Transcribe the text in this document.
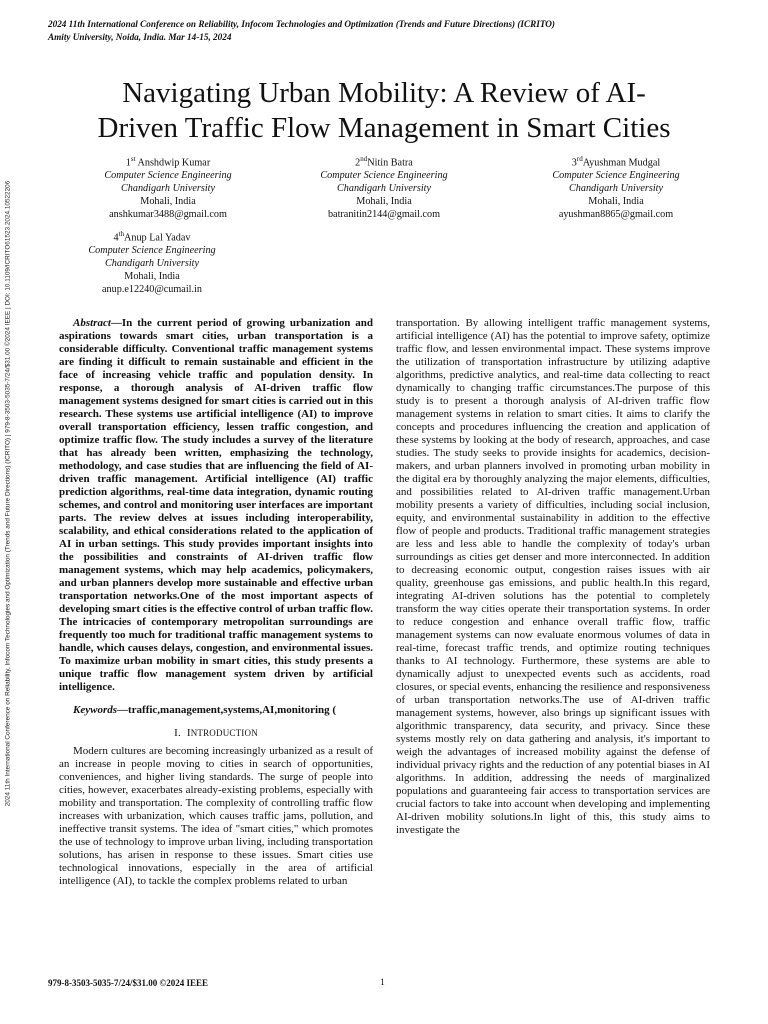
2024 11th International Conference on Reliability, Infocom Technologies and Optimization (Trends and Future Directions) (ICRITO)
Amity University, Noida, India. Mar 14-15, 2024
2024 11th International Conference on Reliability, Infocom Technologies and Optimization (Trends and Future Directions) (ICRITO) | 979-8-3503-5035-7/24/$31.00 ©2024 IEEE | DOI: 10.1109/ICRITO61523.2024.10522206
Navigating Urban Mobility: A Review of AI-
Driven Traffic Flow Management in Smart Cities
1st Anshdwip Kumar
Computer Science Engineering
Chandigarh University
Mohali, India
anshkumar3488@gmail.com
2ndNitin Batra
Computer Science Engineering
Chandigarh University
Mohali, India
batranitin2144@gmail.com
3rdAyushman Mudgal
Computer Science Engineering
Chandigarh University
Mohali, India
ayushman8865@gmail.com
4thAnup Lal Yadav
Computer Science Engineering
Chandigarh University
Mohali, India
anup.e12240@cumail.in

Abstract—In the current period of growing urbanization and aspirations towards smart cities, urban transportation is a considerable difficulty. Conventional traffic management systems are finding it difficult to remain sustainable and efficient in the face of increasing vehicle traffic and population density. In response, a thorough analysis of AI-driven traffic flow management systems designed for smart cities is carried out in this research. These systems use artificial intelligence (AI) to improve overall transportation efficiency, lessen traffic congestion, and optimize traffic flow. The study includes a survey of the literature that has already been written, emphasizing the technology, methodology, and case studies that are influencing the field of AI-driven traffic management. Artificial intelligence (AI) traffic prediction algorithms, real-time data integration, dynamic routing schemes, and control and monitoring user interfaces are important parts. The review delves at issues including interoperability, scalability, and ethical considerations related to the application of AI in urban settings. This study provides important insights into the possibilities and constraints of AI-driven traffic flow management systems, which may help academics, policymakers, and urban planners develop more sustainable and effective urban transportation networks.One of the most important aspects of developing smart cities is the effective control of urban traffic flow. The intricacies of contemporary metropolitan surroundings are frequently too much for traditional traffic management systems to handle, which causes delays, congestion, and environmental issues. To maximize urban mobility in smart cities, this study presents a unique traffic flow management system driven by artificial intelligence.

Keywords—traffic,management,systems,AI,monitoring (

I. INTRODUCTION

Modern cultures are becoming increasingly urbanized as a result of an increase in people moving to cities in search of opportunities, conveniences, and higher living standards. The surge of people into cities, however, exacerbates already-existing problems, especially with mobility and transportation. The complexity of controlling traffic flow increases with urbanization, which causes traffic jams, pollution, and ineffective transit systems. The idea of "smart cities," which promotes the use of technology to improve urban living, including transportation solutions, has arisen in response to these issues. Smart cities use technological innovations, especially in the area of artificial intelligence (AI), to tackle the complex problems related to urban

transportation. By allowing intelligent traffic management systems, artificial intelligence (AI) has the potential to improve safety, optimize traffic flow, and lessen environmental impact. These systems improve the utilization of transportation infrastructure by utilizing adaptive algorithms, predictive analytics, and real-time data collecting to react dynamically to changing traffic circumstances.The purpose of this study is to present a thorough analysis of AI-driven traffic flow management systems in relation to smart cities. It aims to clarify the concepts and procedures influencing the creation and application of these systems by looking at the body of research, approaches, and case studies. The study seeks to provide insights for academics, decision-makers, and urban planners involved in promoting urban mobility in the digital era by thoroughly analyzing the major elements, difficulties, and possibilities related to AI-driven traffic management.Urban mobility presents a variety of difficulties, including social inclusion, equity, and environmental sustainability in addition to the effective flow of people and products. Traditional traffic management strategies are less and less able to handle the complexity of today's urban surroundings as cities get denser and more interconnected. In addition to decreasing economic output, congestion raises issues with air quality, greenhouse gas emissions, and public health.In this regard, integrating AI-driven solutions has the potential to completely transform the way cities operate their transportation systems. In order to reduce congestion and enhance overall traffic flow, traffic management systems can now evaluate enormous volumes of data in real-time, forecast traffic trends, and optimize routing techniques thanks to AI technology. Furthermore, these systems are able to dynamically adjust to unexpected events such as accidents, road closures, or special events, enhancing the resilience and responsiveness of urban transportation networks.The use of AI-driven traffic management systems, however, also brings up significant issues with algorithmic transparency, data security, and privacy. Since these systems mostly rely on data gathering and analysis, it's important to weigh the advantages of increased mobility against the defense of individual privacy rights and the reduction of any potential biases in AI algorithms. In addition, addressing the needs of marginalized populations and guaranteeing fair access to transportation services are crucial factors to take into account when developing and implementing AI-driven mobility solutions.In light of this, this study aims to investigate the

979-8-3503-5035-7/24/$31.00 ©2024 IEEE	1
